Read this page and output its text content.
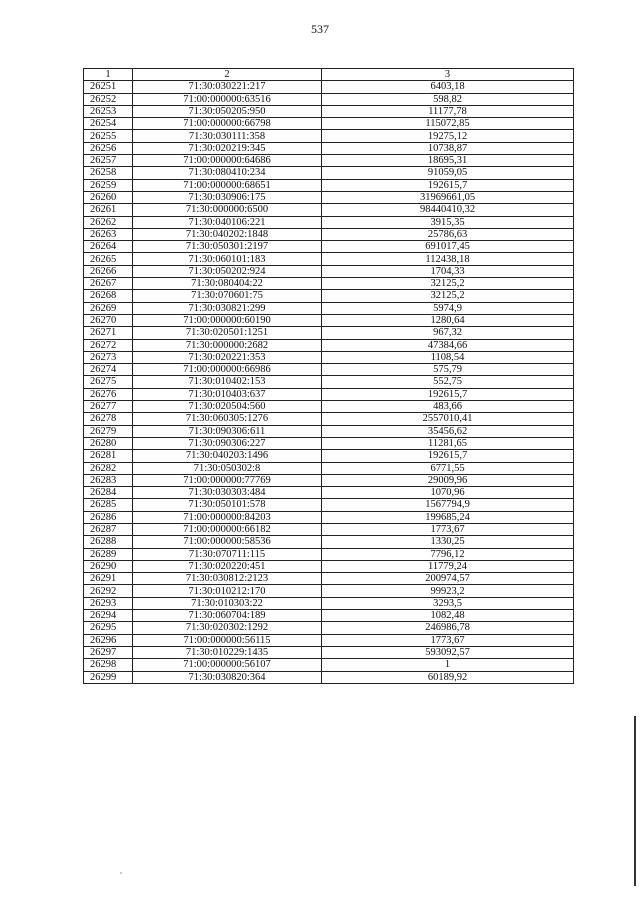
537
1	2	3
26251	71:30:030221:217	6403,18
26252	71:00:000000:63516	598,82
26253	71:30:050205:950	11177,78
26254	71:00:000000:66798	115072,85
26255	71:30:030111:358	19275,12
26256	71:30:020219:345	10738,87
26257	71:00:000000:64686	18695,31
26258	71:30:080410:234	91059,05
26259	71:00:000000:68651	192615,7
26260	71:30:030906:175	31969661,05
26261	71:30:000000:6500	98440410,32
26262	71:30:040106:221	3915,35
26263	71:30:040202:1848	25786,63
26264	71:30:050301:2197	691017,45
26265	71:30:060101:183	112438,18
26266	71:30:050202:924	1704,33
26267	71:30:080404:22	32125,2
26268	71:30:070601:75	32125,2
26269	71:30:030821:299	5974,9
26270	71:00:000000:60190	1280,64
26271	71:30:020501:1251	967,32
26272	71:30:000000:2682	47384,66
26273	71:30:020221:353	1108,54
26274	71:00:000000:66986	575,79
26275	71:30:010402:153	552,75
26276	71:30:010403:637	192615,7
26277	71:30:020504:560	483,66
26278	71:30:060305:1276	2557010,41
26279	71:30:090306:611	35456,62
26280	71:30:090306:227	11281,65
26281	71:30:040203:1496	192615,7
26282	71:30:050302:8	6771,55
26283	71:00:000000:77769	29009,96
26284	71:30:030303:484	1070,96
26285	71:30:050101:578	1567794,9
26286	71:00:000000:84203	199685,24
26287	71:00:000000:66182	1773,67
26288	71:00:000000:58536	1330,25
26289	71:30:070711:115	7796,12
26290	71:30:020220:451	11779,24
26291	71:30:030812:2123	200974,57
26292	71:30:010212:170	99923,2
26293	71:30:010303:22	3293,5
26294	71:30:060704:189	1082,48
26295	71:30:020302:1292	246986,78
26296	71:00:000000:56115	1773,67
26297	71:30:010229:1435	593092,57
26298	71:00:000000:56107	1
26299	71:30:030820:364	60189,92
